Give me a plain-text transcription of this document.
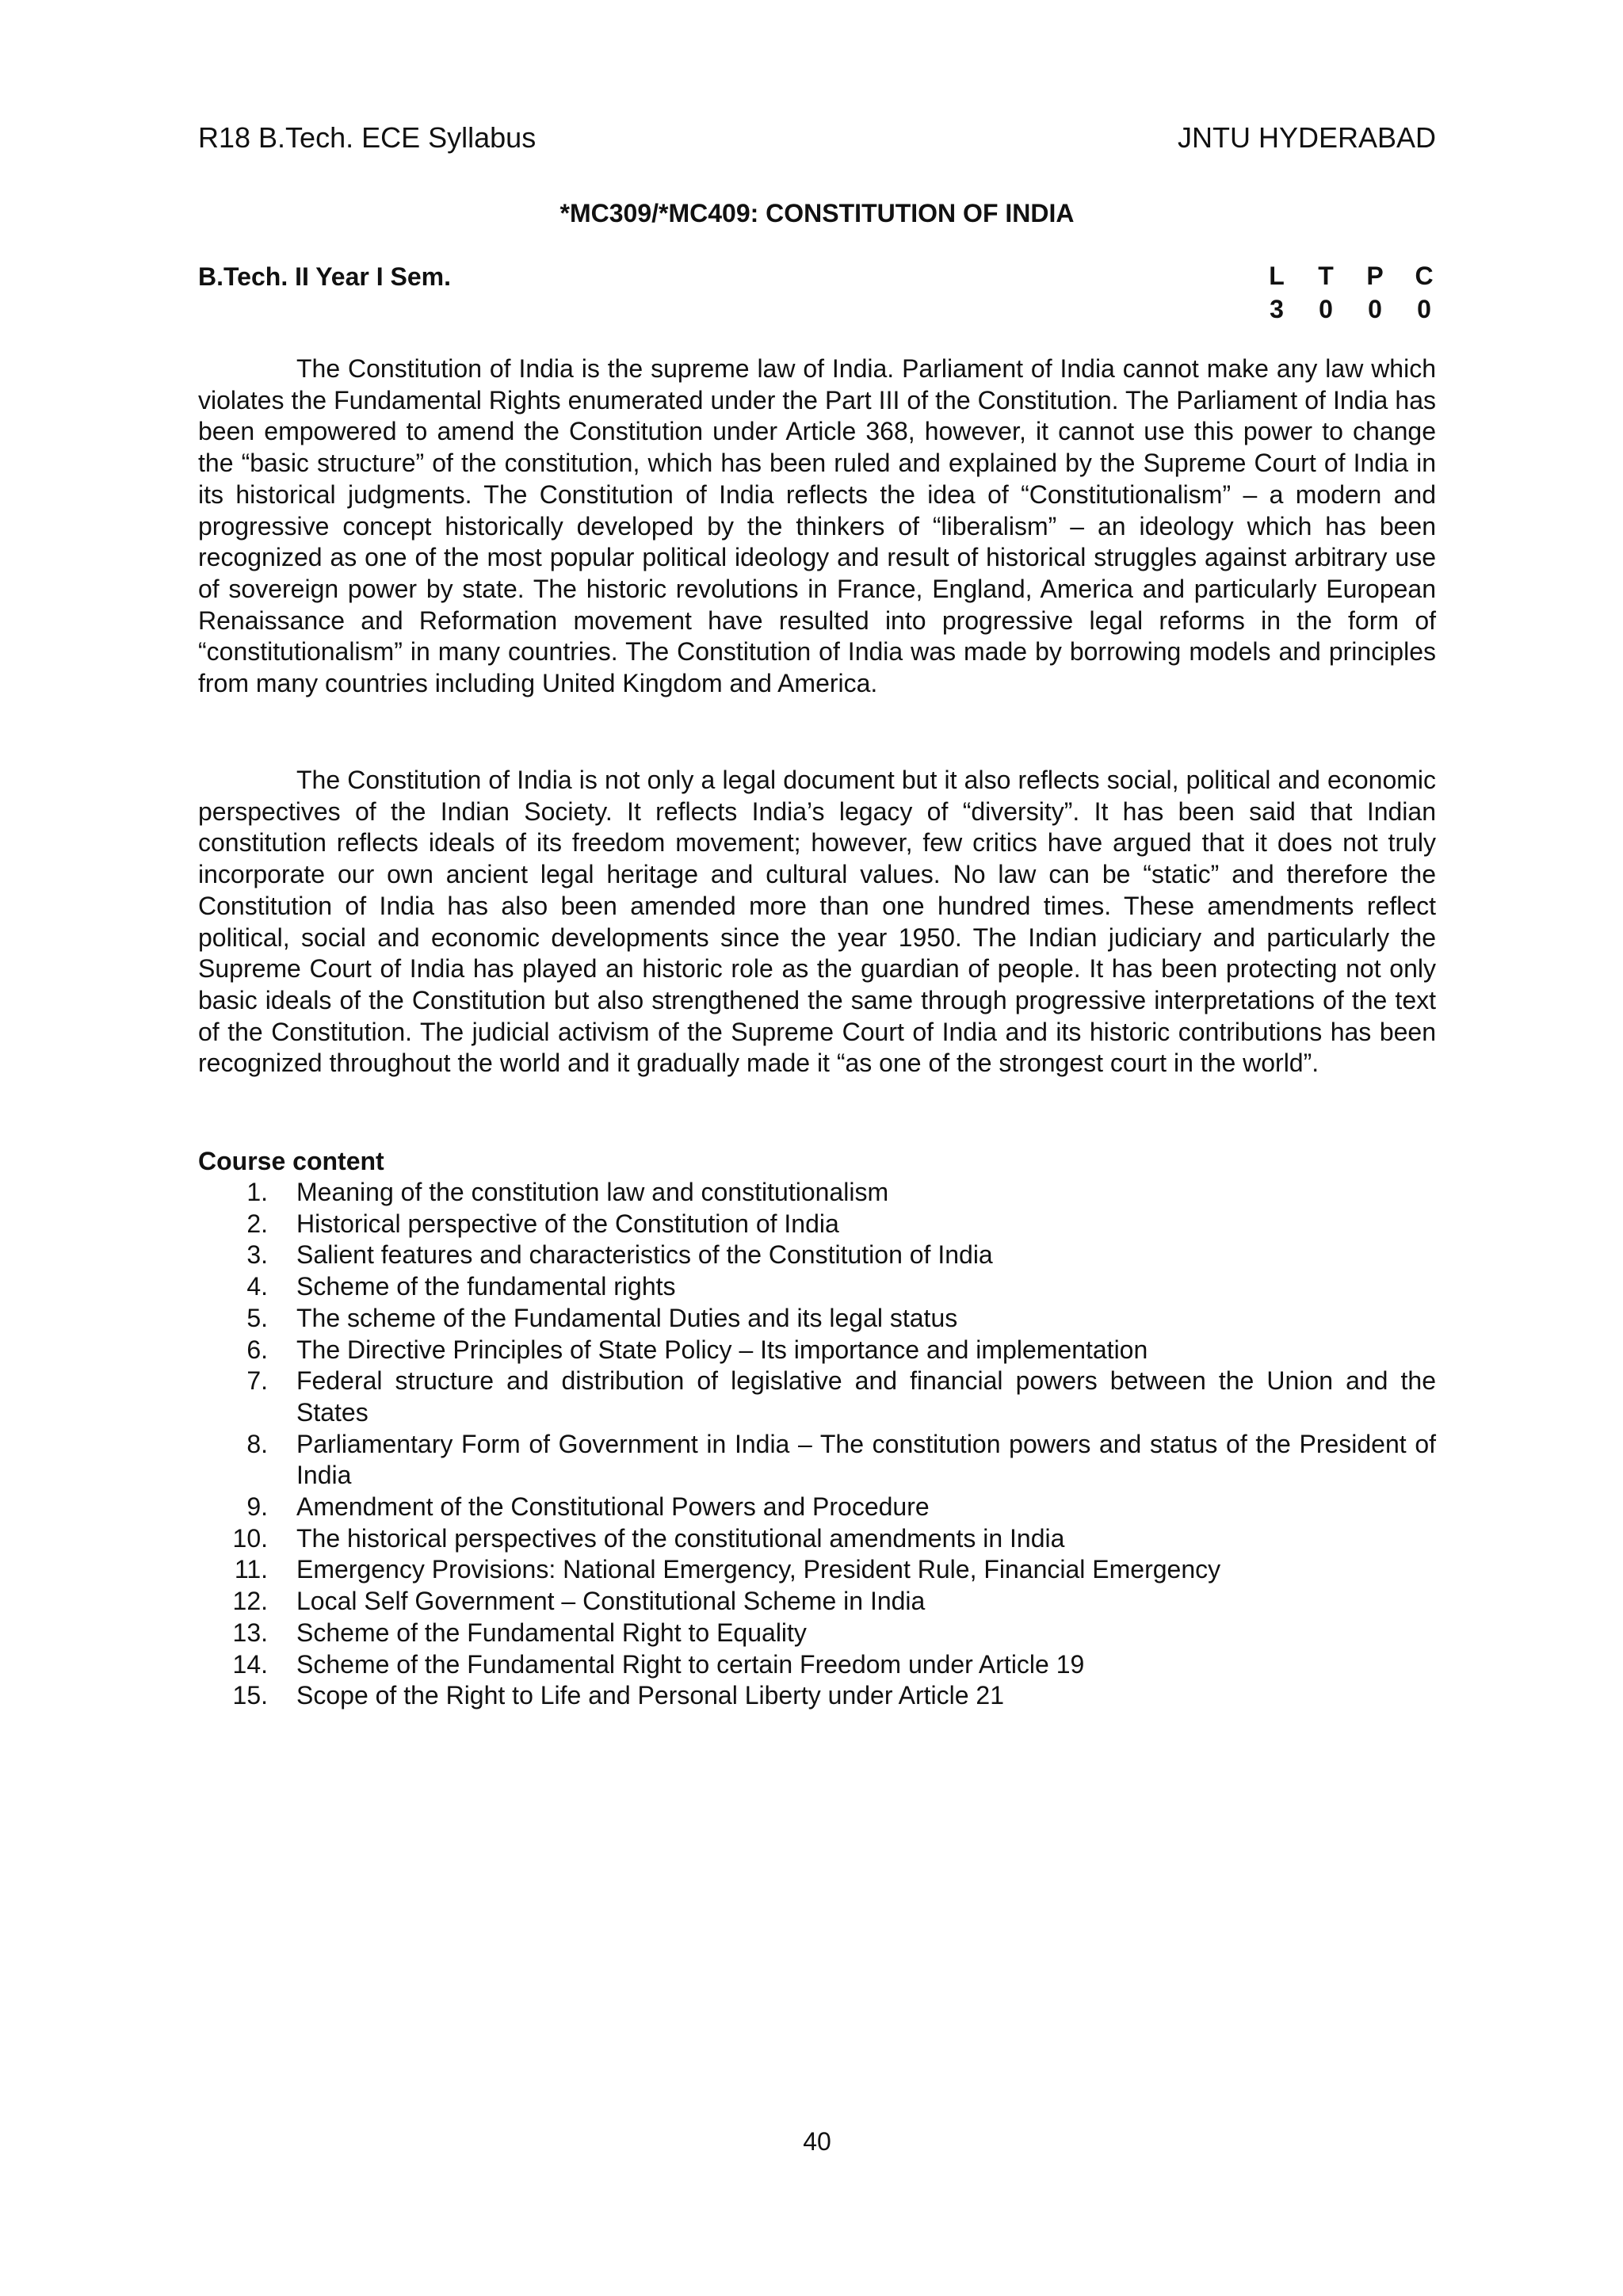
R18 B.Tech. ECE Syllabus	JNTU HYDERABAD
*MC309/*MC409: CONSTITUTION OF INDIA
B.Tech. II Year I Sem.	L T P C
3 0 0 0

The Constitution of India is the supreme law of India. Parliament of India cannot make any law which violates the Fundamental Rights enumerated under the Part III of the Constitution. The Parliament of India has been empowered to amend the Constitution under Article 368, however, it cannot use this power to change the “basic structure” of the constitution, which has been ruled and explained by the Supreme Court of India in its historical judgments. The Constitution of India reflects the idea of “Constitutionalism” – a modern and progressive concept historically developed by the thinkers of “liberalism” – an ideology which has been recognized as one of the most popular political ideology and result of historical struggles against arbitrary use of sovereign power by state. The historic revolutions in France, England, America and particularly European Renaissance and Reformation movement have resulted into progressive legal reforms in the form of “constitutionalism” in many countries. The Constitution of India was made by borrowing models and principles from many countries including United Kingdom and America.

The Constitution of India is not only a legal document but it also reflects social, political and economic perspectives of the Indian Society. It reflects India’s legacy of “diversity”. It has been said that Indian constitution reflects ideals of its freedom movement; however, few critics have argued that it does not truly incorporate our own ancient legal heritage and cultural values. No law can be “static” and therefore the Constitution of India has also been amended more than one hundred times. These amendments reflect political, social and economic developments since the year 1950. The Indian judiciary and particularly the Supreme Court of India has played an historic role as the guardian of people. It has been protecting not only basic ideals of the Constitution but also strengthened the same through progressive interpretations of the text of the Constitution. The judicial activism of the Supreme Court of India and its historic contributions has been recognized throughout the world and it gradually made it “as one of the strongest court in the world”.

Course content
1. Meaning of the constitution law and constitutionalism
2. Historical perspective of the Constitution of India
3. Salient features and characteristics of the Constitution of India
4. Scheme of the fundamental rights
5. The scheme of the Fundamental Duties and its legal status
6. The Directive Principles of State Policy – Its importance and implementation
7. Federal structure and distribution of legislative and financial powers between the Union and the States
8. Parliamentary Form of Government in India – The constitution powers and status of the President of India
9. Amendment of the Constitutional Powers and Procedure
10. The historical perspectives of the constitutional amendments in India
11. Emergency Provisions: National Emergency, President Rule, Financial Emergency
12. Local Self Government – Constitutional Scheme in India
13. Scheme of the Fundamental Right to Equality
14. Scheme of the Fundamental Right to certain Freedom under Article 19
15. Scope of the Right to Life and Personal Liberty under Article 21
40
